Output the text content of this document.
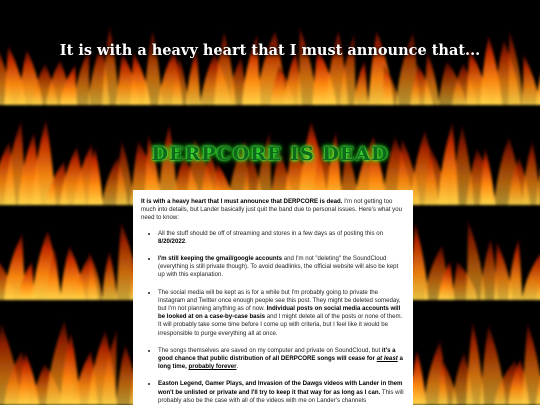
It is with a heavy heart that I must announce that...
DERPCORE IS DEAD

It is with a heavy heart that I must announce that DERPCORE is dead. I'm not getting too much into details, but Lander basically just quit the band due to personal issues. Here's what you need to know:

• All the stuff should be off of streaming and stores in a few days as of posting this on 8/20/2022.
• I'm still keeping the gmail/google accounts and I'm not "deleting" the SoundCloud (everything is still private though). To avoid deadlinks, the official website will also be kept up with this explanation.
• The social media will be kept as is for a while but I'm probably going to private the Instagram and Twitter once enough people see this post. They might be deleted someday, but I'm not planning anything as of now. Individual posts on social media accounts will be looked at on a case-by-case basis and I might delete all of the posts or none of them. It will probably take some time before I come up with criteria, but I feel like it would be irresponsible to purge everything all at once.
• The songs themselves are saved on my computer and private on SoundCloud, but it's a good chance that public distribution of all DERPCORE songs will cease for at least a long time, probably forever.
• Easton Legend, Gamer Plays, and Invasion of the Dawgs videos with Lander in them won't be unlisted or private and I'll try to keep it that way for as long as I can. This will probably also be the case with all of the videos with me on Lander's channels
